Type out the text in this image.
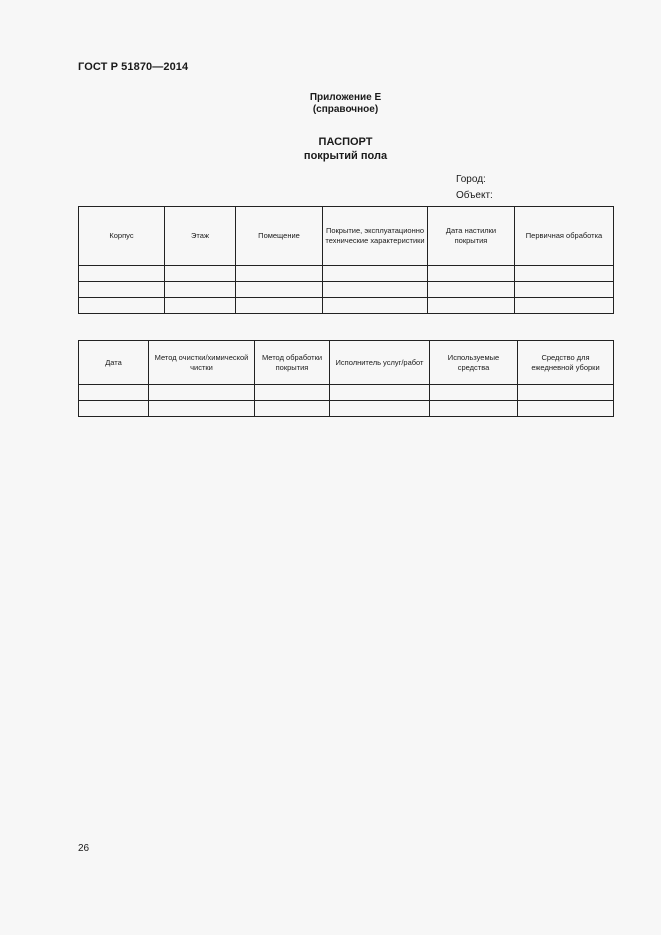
ГОСТ Р 51870—2014
Приложение Е
(справочное)
ПАСПОРТ
покрытий пола
Город:
Объект:
Корпус	Этаж	Помещение	Покрытие, эксплуатационно технические характеристики	Дата настилки покрытия	Первичная обработка

Дата	Метод очистки/химической чистки	Метод обработки покрытия	Исполнитель услуг/работ	Используемые средства	Средство для ежедневной уборки

26
